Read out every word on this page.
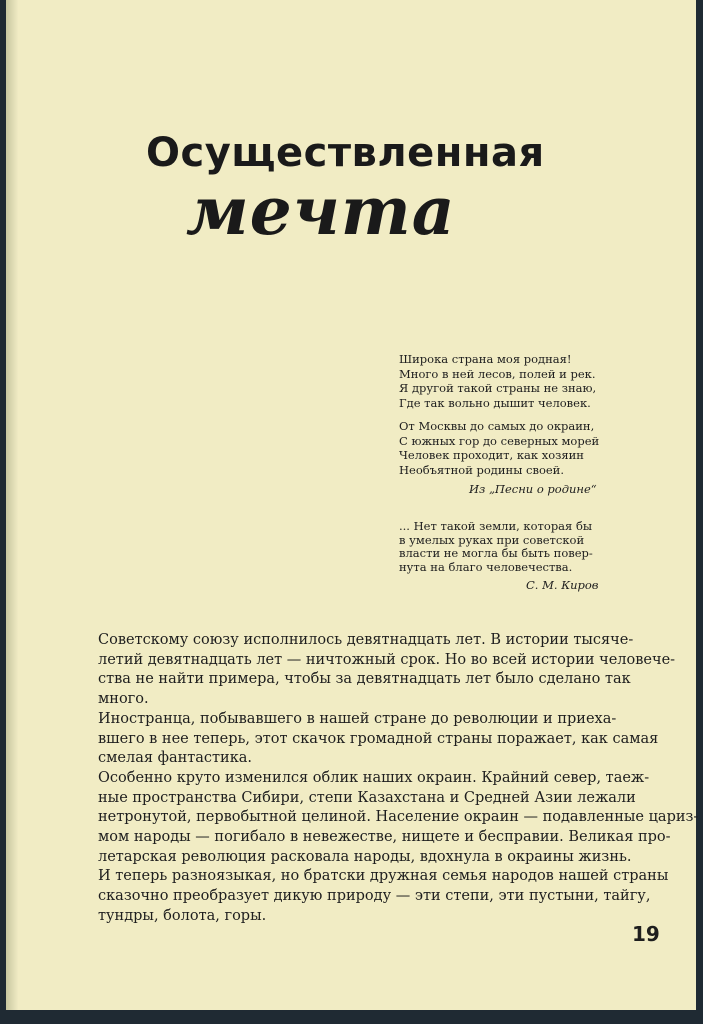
Осуществленная
мечта
Широка страна моя родная!
Много в ней лесов, полей и рек.
Я другой такой страны не знаю,
Где так вольно дышит человек.
От Москвы до самых до окраин,
С южных гор до северных морей
Человек проходит, как хозяин
Необъятной родины своей.
Из „Песни о родине“
... Нет такой земли, которая бы
в умелых руках при советской
власти не могла бы быть повер-
нута на благо человечества.
С. М. Киров
Советскому союзу исполнилось девятнадцать лет. В истории тысяче-
летий девятнадцать лет — ничтожный срок. Но во всей истории человече-
ства не найти примера, чтобы за девятнадцать лет было сделано так
много.
Иностранца, побывавшего в нашей стране до революции и приеха-
вшего в нее теперь, этот скачок громадной страны поражает, как самая
смелая фантастика.
Особенно круто изменился облик наших окраин. Крайний север, таеж-
ные пространства Сибири, степи Казахстана и Средней Азии лежали
нетронутой, первобытной целиной. Население окраин — подавленные цариз-
мом народы — погибало в невежестве, нищете и бесправии. Великая про-
летарская революция расковала народы, вдохнула в окраины жизнь.
И теперь разноязыкая, но братски дружная семья народов нашей страны
сказочно преобразует дикую природу — эти степи, эти пустыни, тайгу,
тундры, болота, горы.
19
